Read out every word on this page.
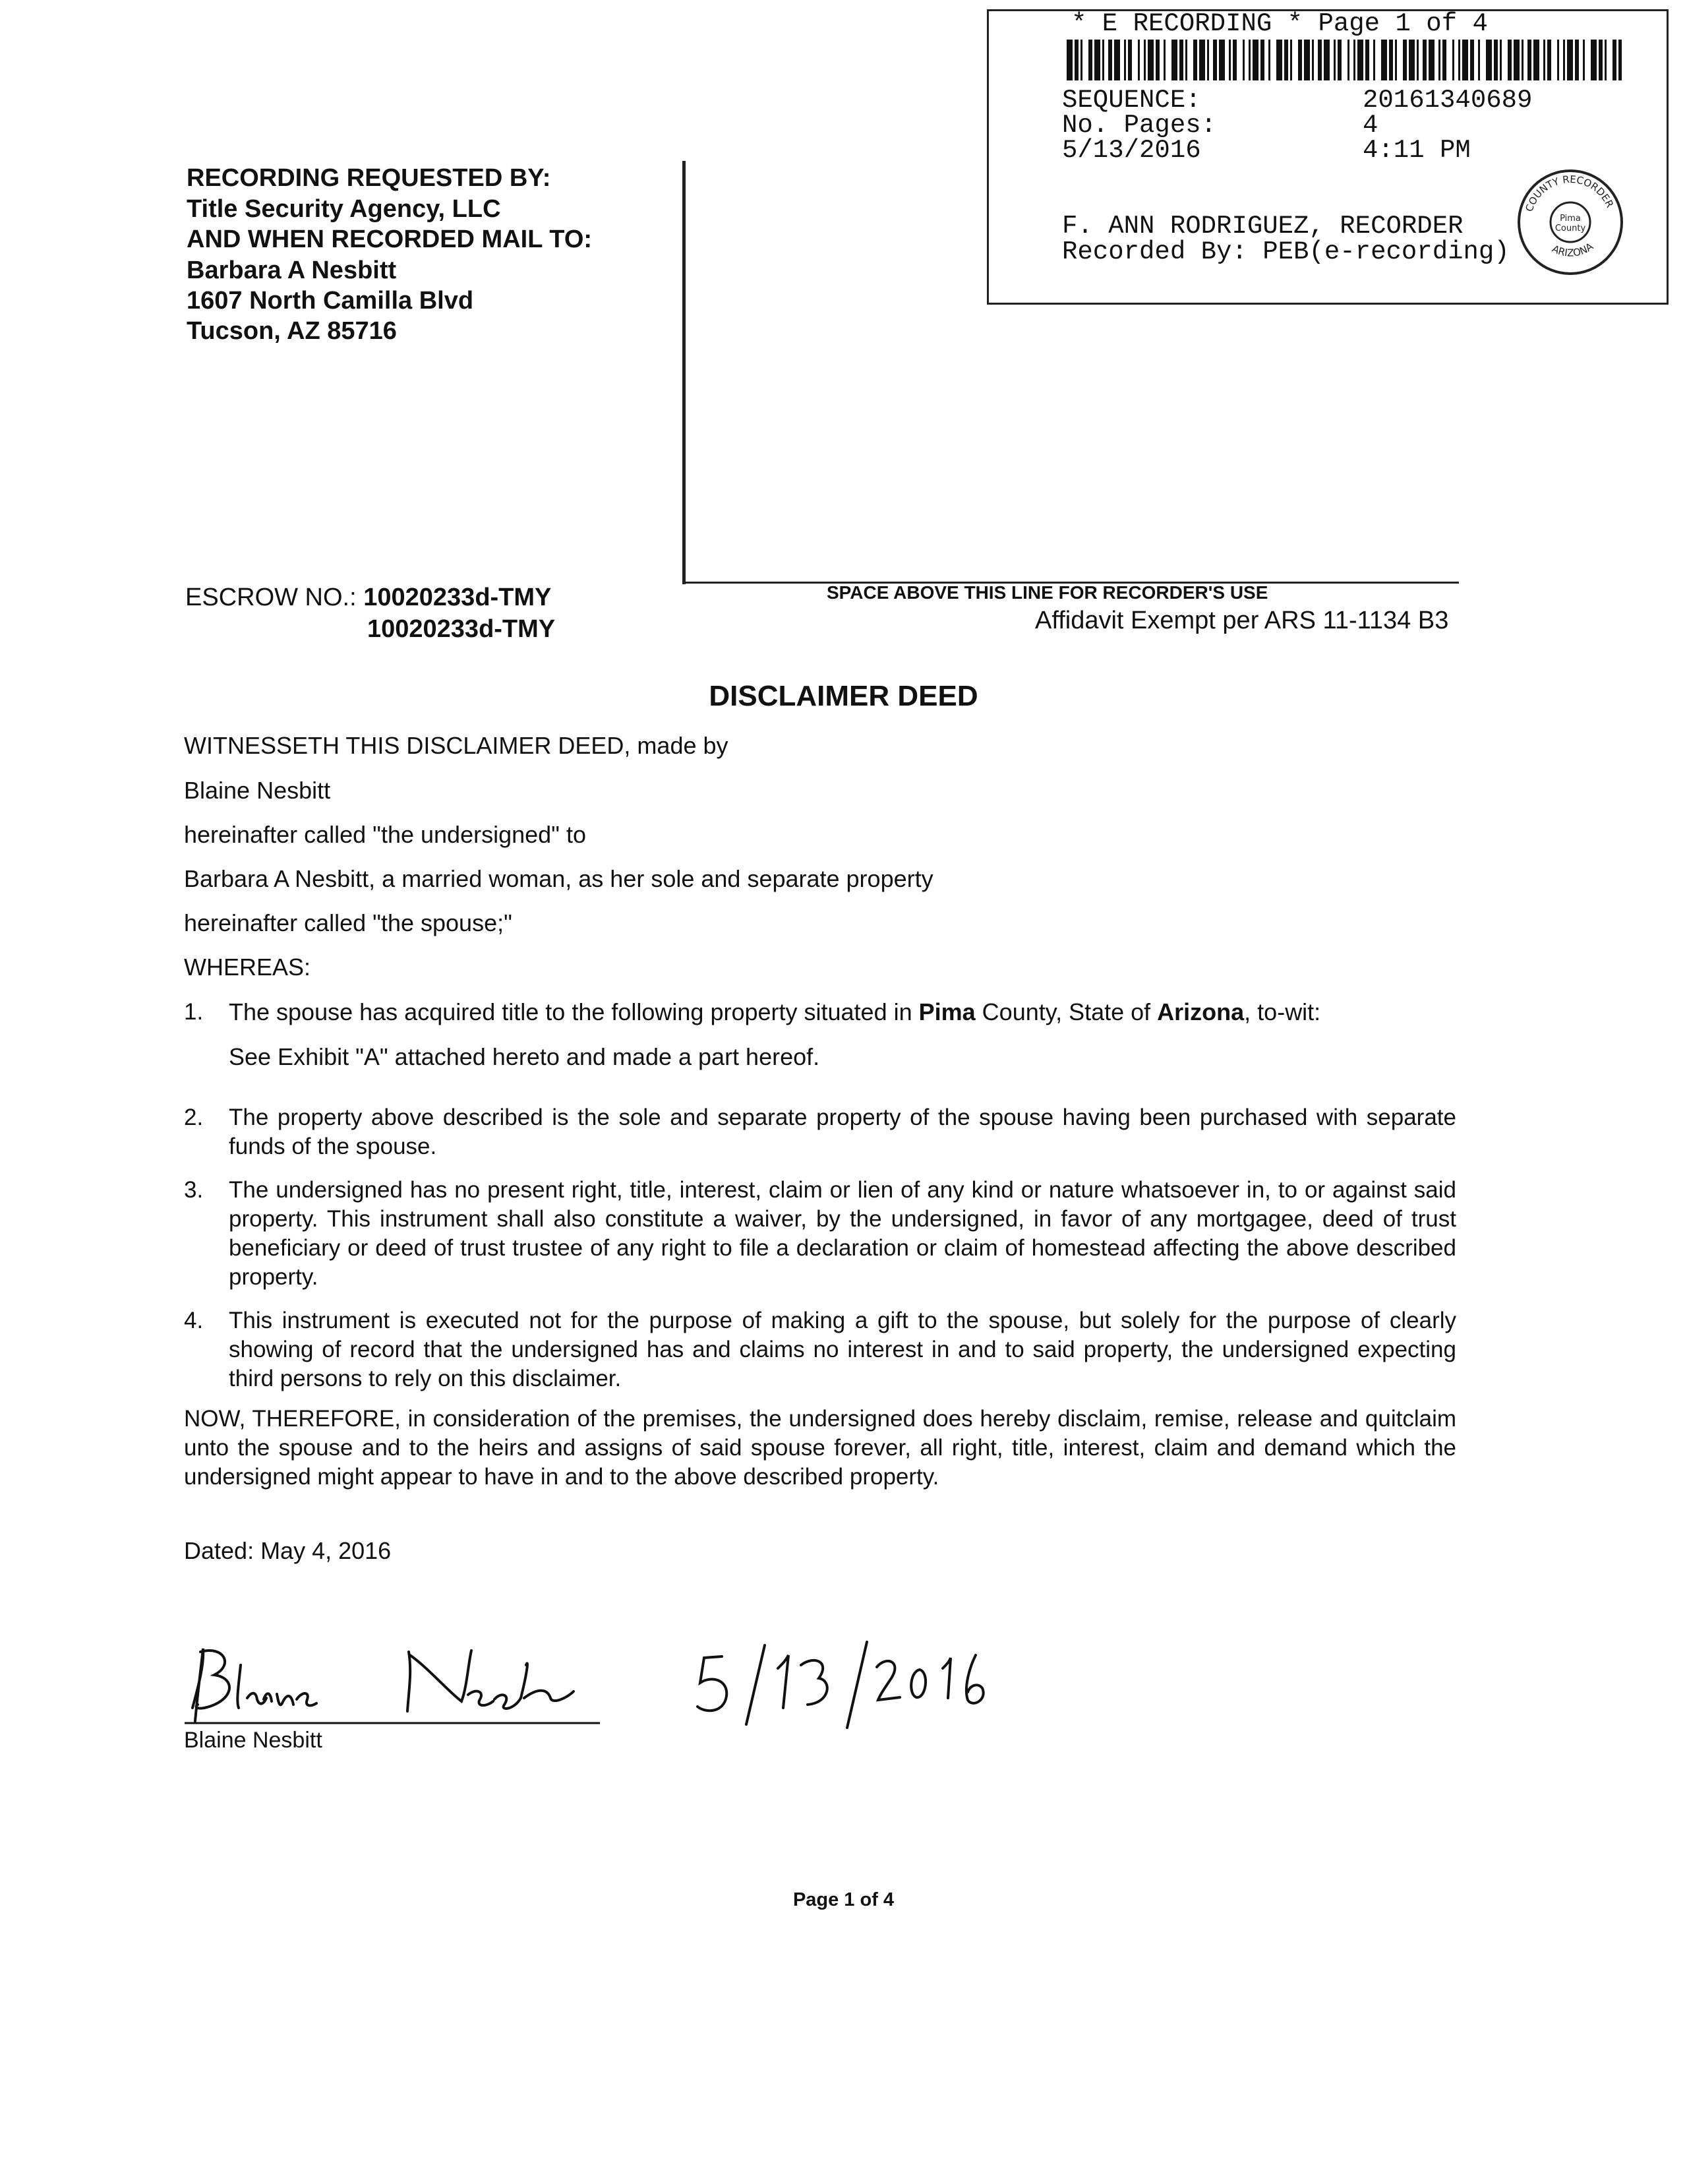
* E RECORDING * Page 1 of 4
SEQUENCE:	20161340689
No. Pages:	4
5/13/2016	4:11 PM
F. ANN RODRIGUEZ, RECORDER
Recorded By: PEB(e-recording)
COUNTY RECORDER
ARIZONA
Pima
County
RECORDING REQUESTED BY:
Title Security Agency, LLC
AND WHEN RECORDED MAIL TO:
Barbara A Nesbitt
1607 North Camilla Blvd
Tucson, AZ 85716
ESCROW NO.: 10020233d-TMY
10020233d-TMY
SPACE ABOVE THIS LINE FOR RECORDER'S USE
Affidavit Exempt per ARS 11-1134 B3
DISCLAIMER DEED
WITNESSETH THIS DISCLAIMER DEED, made by
Blaine Nesbitt
hereinafter called "the undersigned" to
Barbara A Nesbitt, a married woman, as her sole and separate property
hereinafter called "the spouse;"
WHEREAS:
1. The spouse has acquired title to the following property situated in Pima County, State of Arizona, to-wit:
See Exhibit "A" attached hereto and made a part hereof.
2. The property above described is the sole and separate property of the spouse having been purchased with separate funds of the spouse.
3. The undersigned has no present right, title, interest, claim or lien of any kind or nature whatsoever in, to or against said property. This instrument shall also constitute a waiver, by the undersigned, in favor of any mortgagee, deed of trust beneficiary or deed of trust trustee of any right to file a declaration or claim of homestead affecting the above described property.
4. This instrument is executed not for the purpose of making a gift to the spouse, but solely for the purpose of clearly showing of record that the undersigned has and claims no interest in and to said property, the undersigned expecting third persons to rely on this disclaimer.
NOW, THEREFORE, in consideration of the premises, the undersigned does hereby disclaim, remise, release and quitclaim unto the spouse and to the heirs and assigns of said spouse forever, all right, title, interest, claim and demand which the undersigned might appear to have in and to the above described property.
Dated: May 4, 2016
Blaine Nesbitt
Page 1 of 4
